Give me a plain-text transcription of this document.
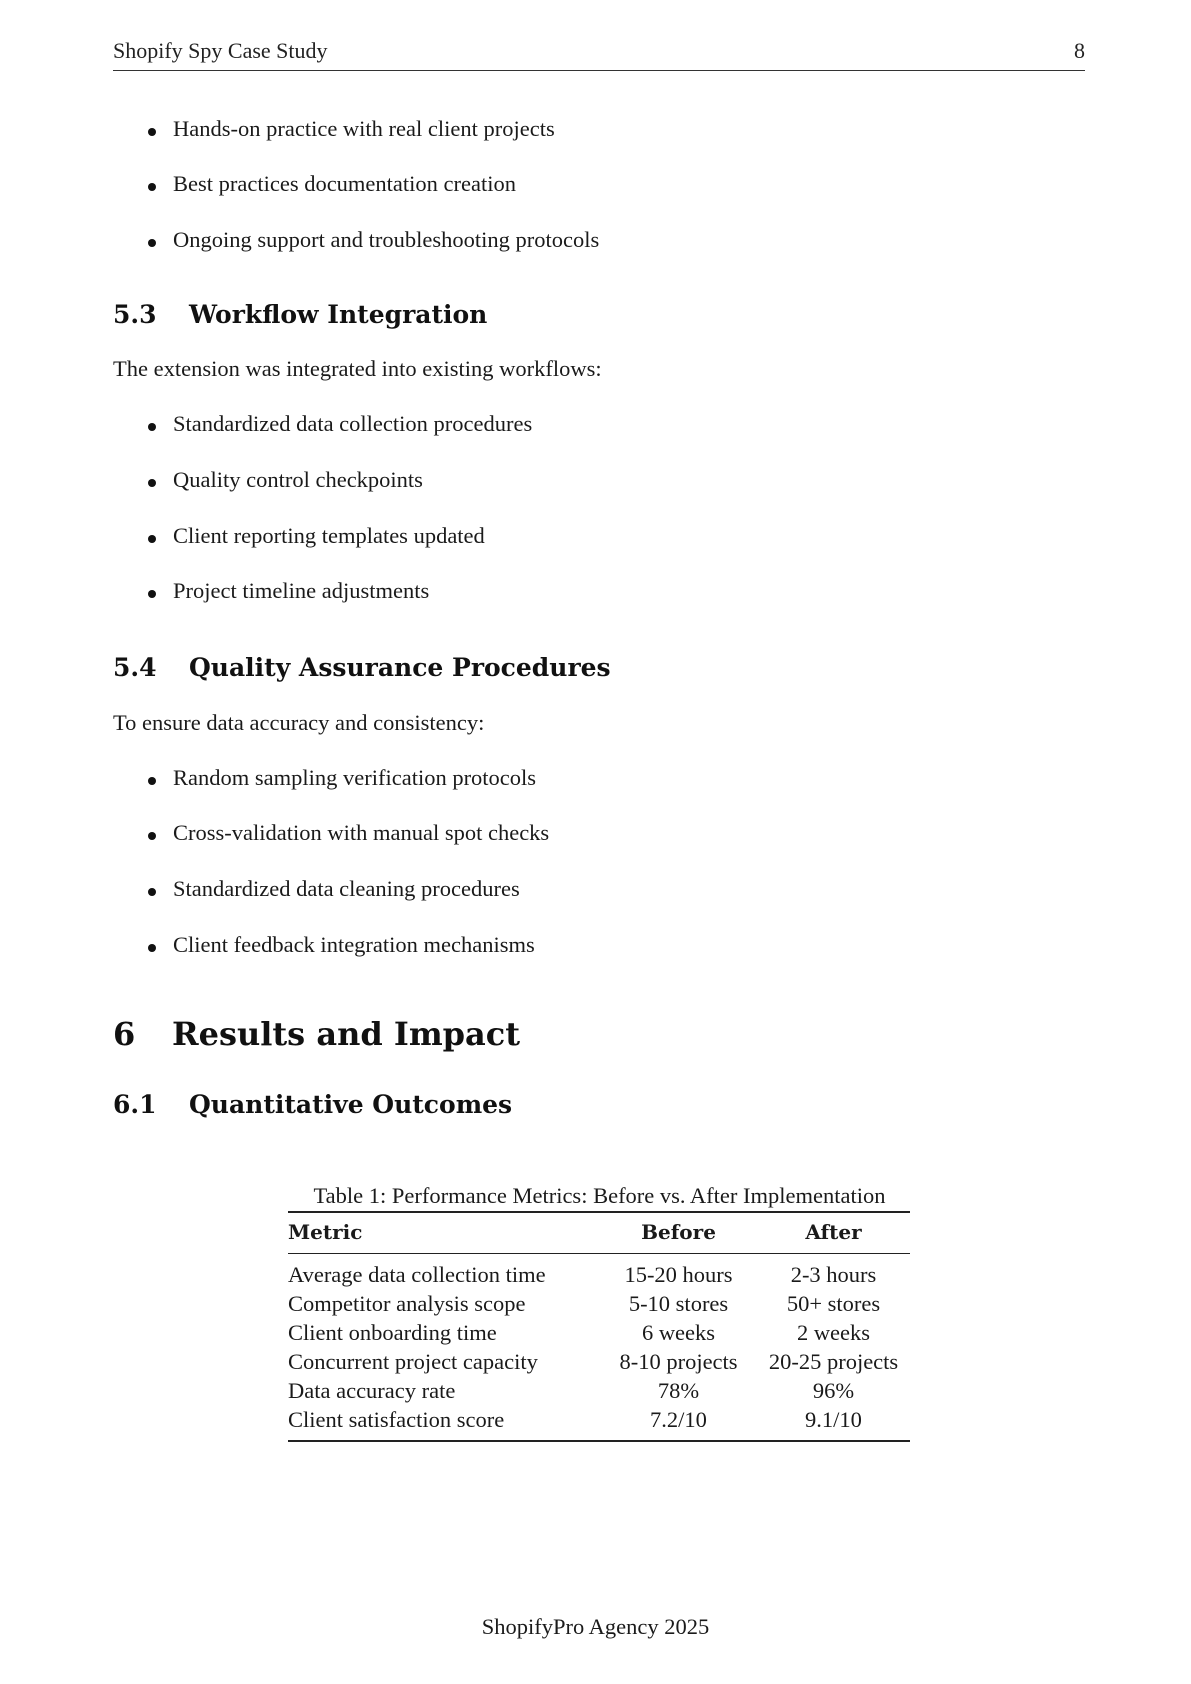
Shopify Spy Case Study	8
Hands-on practice with real client projects
Best practices documentation creation
Ongoing support and troubleshooting protocols
5.3 Workflow Integration
The extension was integrated into existing workflows:
Standardized data collection procedures
Quality control checkpoints
Client reporting templates updated
Project timeline adjustments
5.4 Quality Assurance Procedures
To ensure data accuracy and consistency:
Random sampling verification protocols
Cross-validation with manual spot checks
Standardized data cleaning procedures
Client feedback integration mechanisms
6 Results and Impact
6.1 Quantitative Outcomes
Table 1: Performance Metrics: Before vs. After Implementation
Metric	Before	After
Average data collection time	15-20 hours	2-3 hours
Competitor analysis scope	5-10 stores	50+ stores
Client onboarding time	6 weeks	2 weeks
Concurrent project capacity	8-10 projects	20-25 projects
Data accuracy rate	78%	96%
Client satisfaction score	7.2/10	9.1/10
ShopifyPro Agency 2025
